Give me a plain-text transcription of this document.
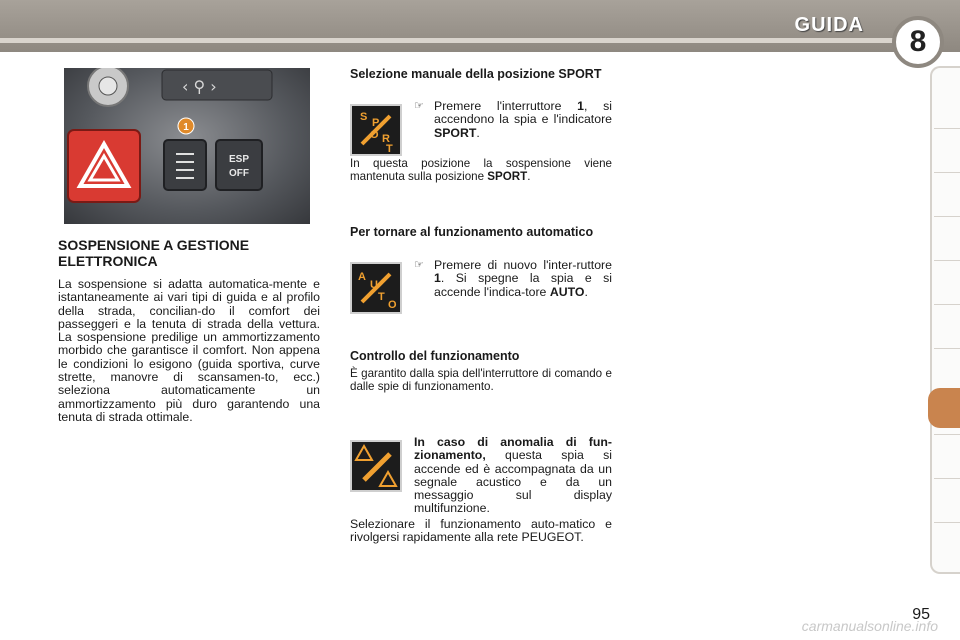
GUIDA 8
‹ ⚲ ›
1
ESP
OFF
SOSPENSIONE A GESTIONE ELETTRONICA
La sospensione si adatta automatica-mente e istantaneamente ai vari tipi di guida e al profilo della strada, concilian-do il comfort dei passeggeri e la tenuta di strada della vettura. La sospensione predilige un ammortizzamento morbido che garantisce il comfort. Non appena le condizioni lo esigono (guida sportiva, curve strette, manovre di scansamen-to, ecc.) seleziona automaticamente un ammortizzamento più duro garantendo una tenuta di strada ottimale.
Selezione manuale della posizione SPORT
S P
O R
T
☞ Premere l'interruttore 1, si accendono la spia e l'indicatore SPORT.
In questa posizione la sospensione viene mantenuta sulla posizione SPORT.
Per tornare al funzionamento automatico
A
U
T
O
☞ Premere di nuovo l'inter-ruttore 1. Si spegne la spia e si accende l'indica-tore AUTO.
Controllo del funzionamento
È garantito dalla spia dell'interruttore di comando e dalle spie di funzionamento.
In caso di anomalia di fun-zionamento, questa spia si accende ed è accompagnata da un segnale acustico e da un messaggio sul display multifunzione.
Selezionare il funzionamento auto-matico e rivolgersi rapidamente alla rete PEUGEOT.
95
carmanualsonline.info
